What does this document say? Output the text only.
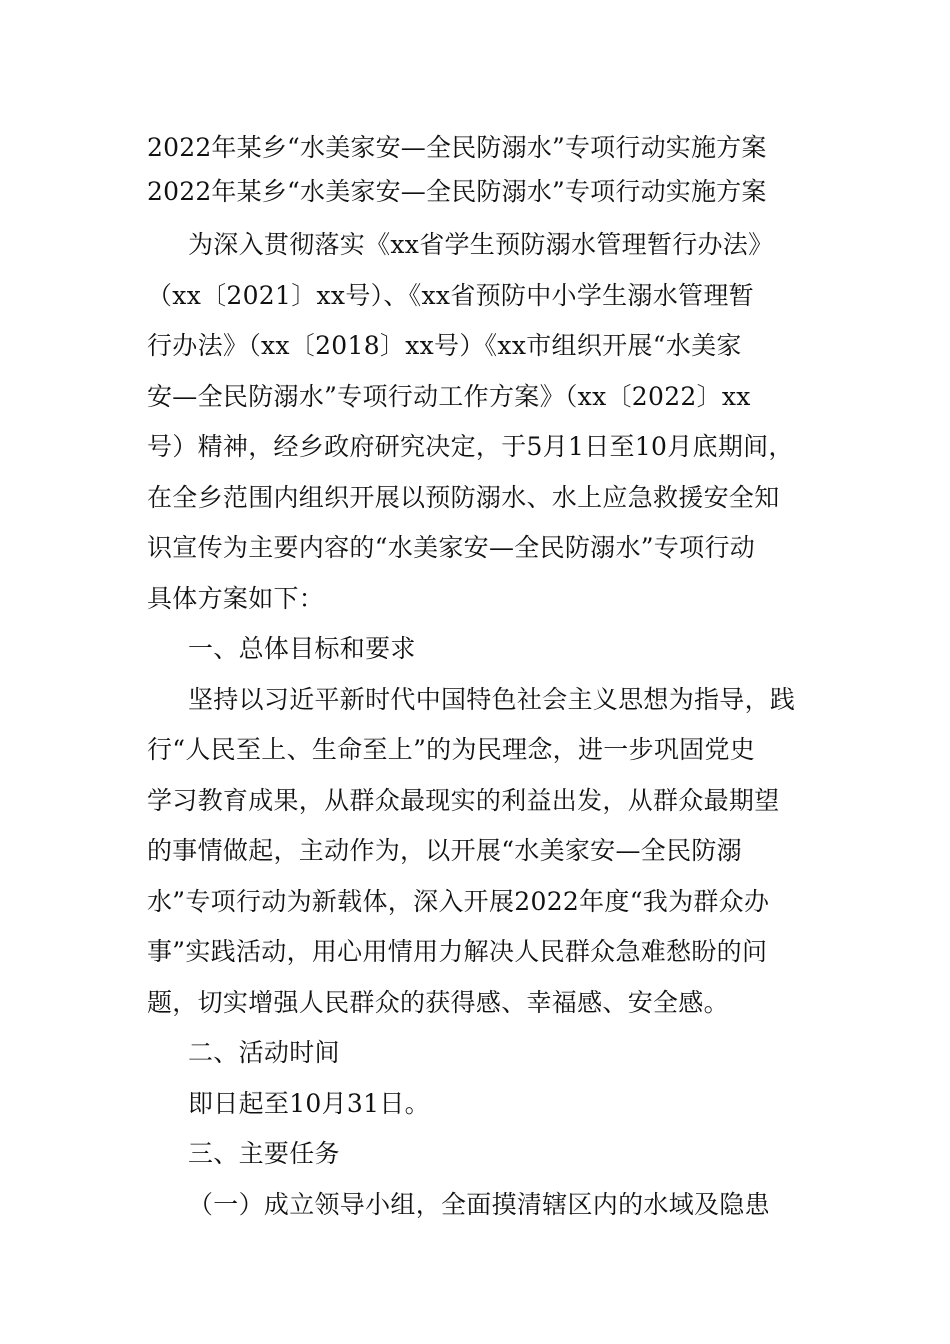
2022年某乡“水美家安—全民防溺水”专项行动实施方案
2022年某乡“水美家安—全民防溺水”专项行动实施方案
为深入贯彻落实《xx省学生预防溺水管理暂行办法》
（xx〔2021〕xx号）、《xx省预防中小学生溺水管理暂
行办法》（xx〔2018〕xx号）《xx市组织开展“水美家
安—全民防溺水”专项行动工作方案》（xx〔2022〕xx
号）精神，经乡政府研究决定，于5月1日至10月底期间，
在全乡范围内组织开展以预防溺水、水上应急救援安全知
识宣传为主要内容的“水美家安—全民防溺水”专项行动
具体方案如下：
一、总体目标和要求
坚持以习近平新时代中国特色社会主义思想为指导，践
行“人民至上、生命至上”的为民理念，进一步巩固党史
学习教育成果，从群众最现实的利益出发，从群众最期望
的事情做起，主动作为，以开展“水美家安—全民防溺
水”专项行动为新载体，深入开展2022年度“我为群众办
事”实践活动，用心用情用力解决人民群众急难愁盼的问
题，切实增强人民群众的获得感、幸福感、安全感。
二、活动时间
即日起至10月31日。
三、主要任务
（一）成立领导小组，全面摸清辖区内的水域及隐患
